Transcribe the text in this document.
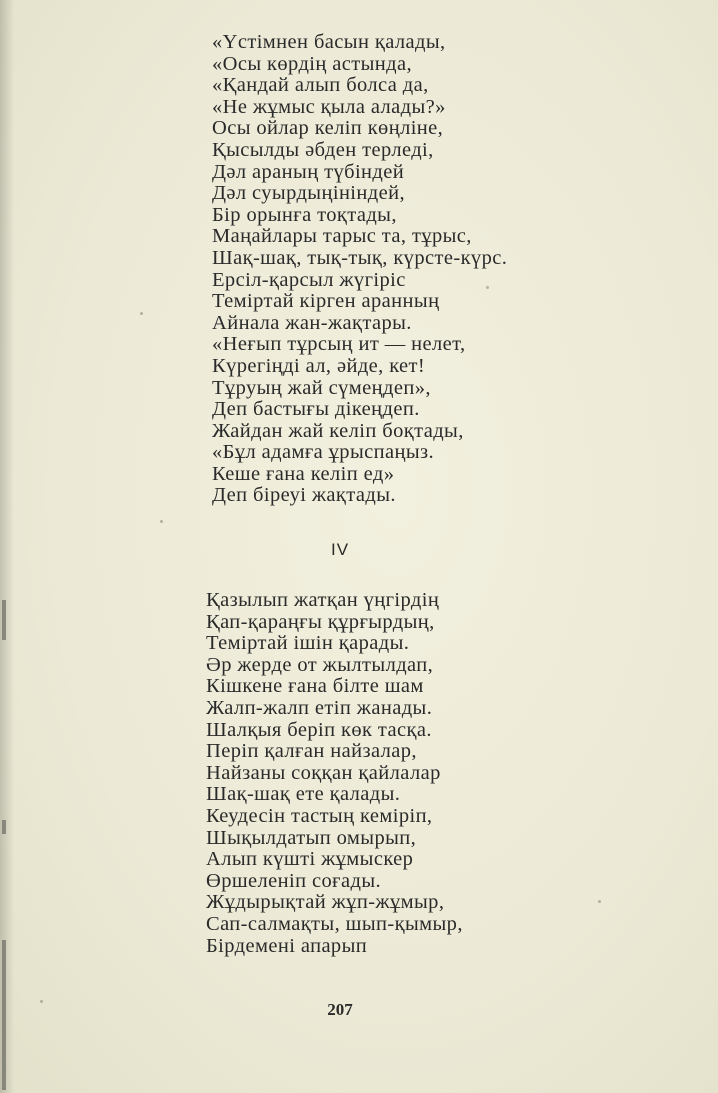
«Үстімнен басын қалады,
«Осы көрдің астында,
«Қандай алып болса да,
«Не жұмыс қыла алады?»
Осы ойлар келіп көңліне,
Қысылды әбден терледі,
Дәл араның түбіндей
Дәл суырдыңініндей,
Бір орынға тоқтады,
Маңайлары тарыс та, тұрыс,
Шақ-шақ, тық-тық, күрсте-күрс.
Ерсіл-қарсыл жүгіріс
Теміртай кірген аранның
Айнала жан-жақтары.
«Неғып тұрсың ит — нелет,
Күрегіңді ал, әйде, кет!
Тұруың жай сүмеңдеп»,
Деп бастығы дікеңдеп.
Жайдан жай келіп боқтады,
«Бұл адамға ұрыспаңыз.
Кеше ғана келіп ед»
Деп біреуі жақтады.
IV
Қазылып жатқан үңгірдің
Қап-қараңғы құрғырдың,
Теміртай ішін қарады.
Әр жерде от жылтылдап,
Кішкене ғана білте шам
Жалп-жалп етіп жанады.
Шалқыя беріп көк тасқа.
Періп қалған найзалар,
Найзаны соққан қайлалар
Шақ-шақ ете қалады.
Кеудесін тастың кеміріп,
Шықылдатып омырып,
Алып күшті жұмыскер
Өршеленіп соғады.
Жұдырықтай жұп-жұмыр,
Сап-салмақты, шып-қымыр,
Бірдемені апарып

207
